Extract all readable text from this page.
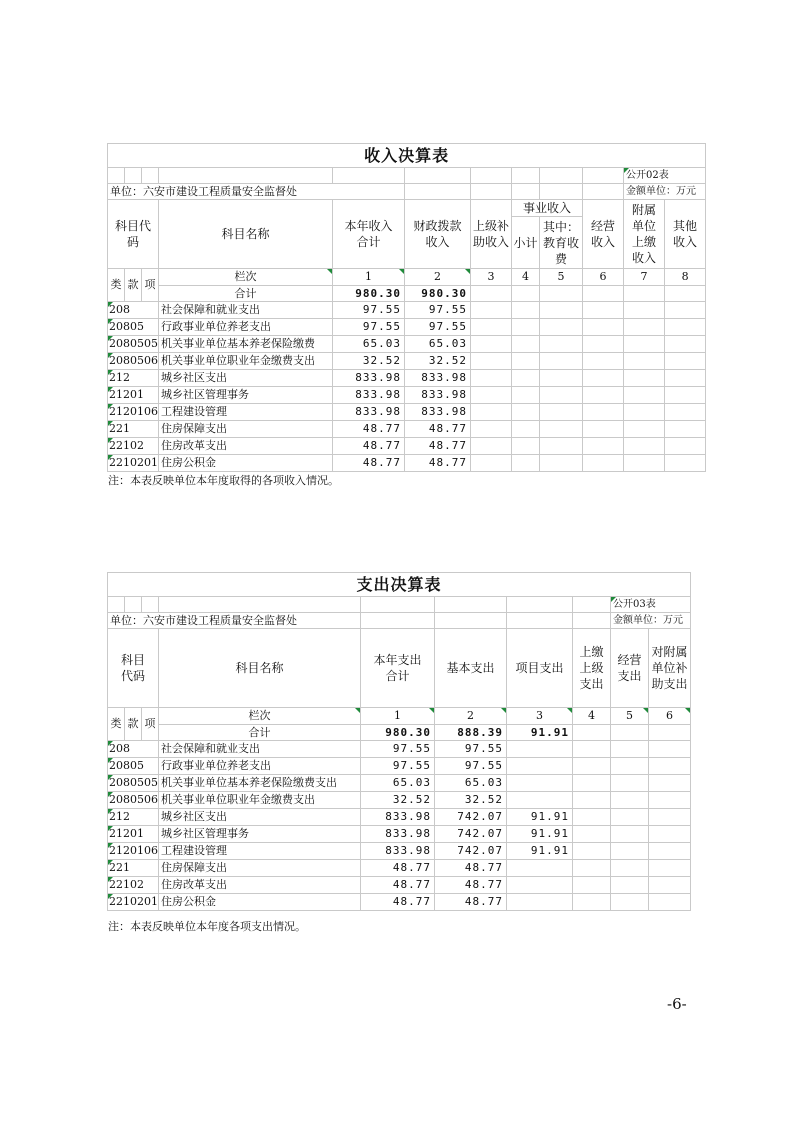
收入决算表											
										公开02表	
单位：六安市建设工程质量安全监督处										金额单位：万元	

科目代码			科目名称	本年收入合计	财政拨款收入	上级补助收入	事业收入		经营收入	附属单位上缴收入	其他收入

							小计	其中：教育收费			

类	款	项	栏次	1	2	3	4	5	6	7	8
			合计	980.30	980.30						
208			社会保障和就业支出	97.55	97.55						
20805			行政事业单位养老支出	97.55	97.55						
2080505			机关事业单位基本养老保险缴费	65.03	65.03						
2080506			机关事业单位职业年金缴费支出	32.52	32.52						
212			城乡社区支出	833.98	833.98						
21201			城乡社区管理事务	833.98	833.98						
2120106			工程建设管理	833.98	833.98						
221			住房保障支出	48.77	48.77						
22102			住房改革支出	48.77	48.77						
2210201			住房公积金	48.77	48.77						
注：本表反映单位本年度取得的各项收入情况。
支出决算表									
								公开03表	
单位：六安市建设工程质量安全监督处								金额单位：万元	

科目代码			科目名称	本年支出合计	基本支出	项目支出	上缴上级支出	经营支出	对附属单位补助支出

类	款	项	栏次	1	2	3	4	5	6
			合计	980.30	888.39	91.91			
208			社会保障和就业支出	97.55	97.55				
20805			行政事业单位养老支出	97.55	97.55				
2080505			机关事业单位基本养老保险缴费支出	65.03	65.03				
2080506			机关事业单位职业年金缴费支出	32.52	32.52				
212			城乡社区支出	833.98	742.07	91.91			
21201			城乡社区管理事务	833.98	742.07	91.91			
2120106			工程建设管理	833.98	742.07	91.91			
221			住房保障支出	48.77	48.77				
22102			住房改革支出	48.77	48.77				
2210201			住房公积金	48.77	48.77				
注：本表反映单位本年度各项支出情况。
-6-
